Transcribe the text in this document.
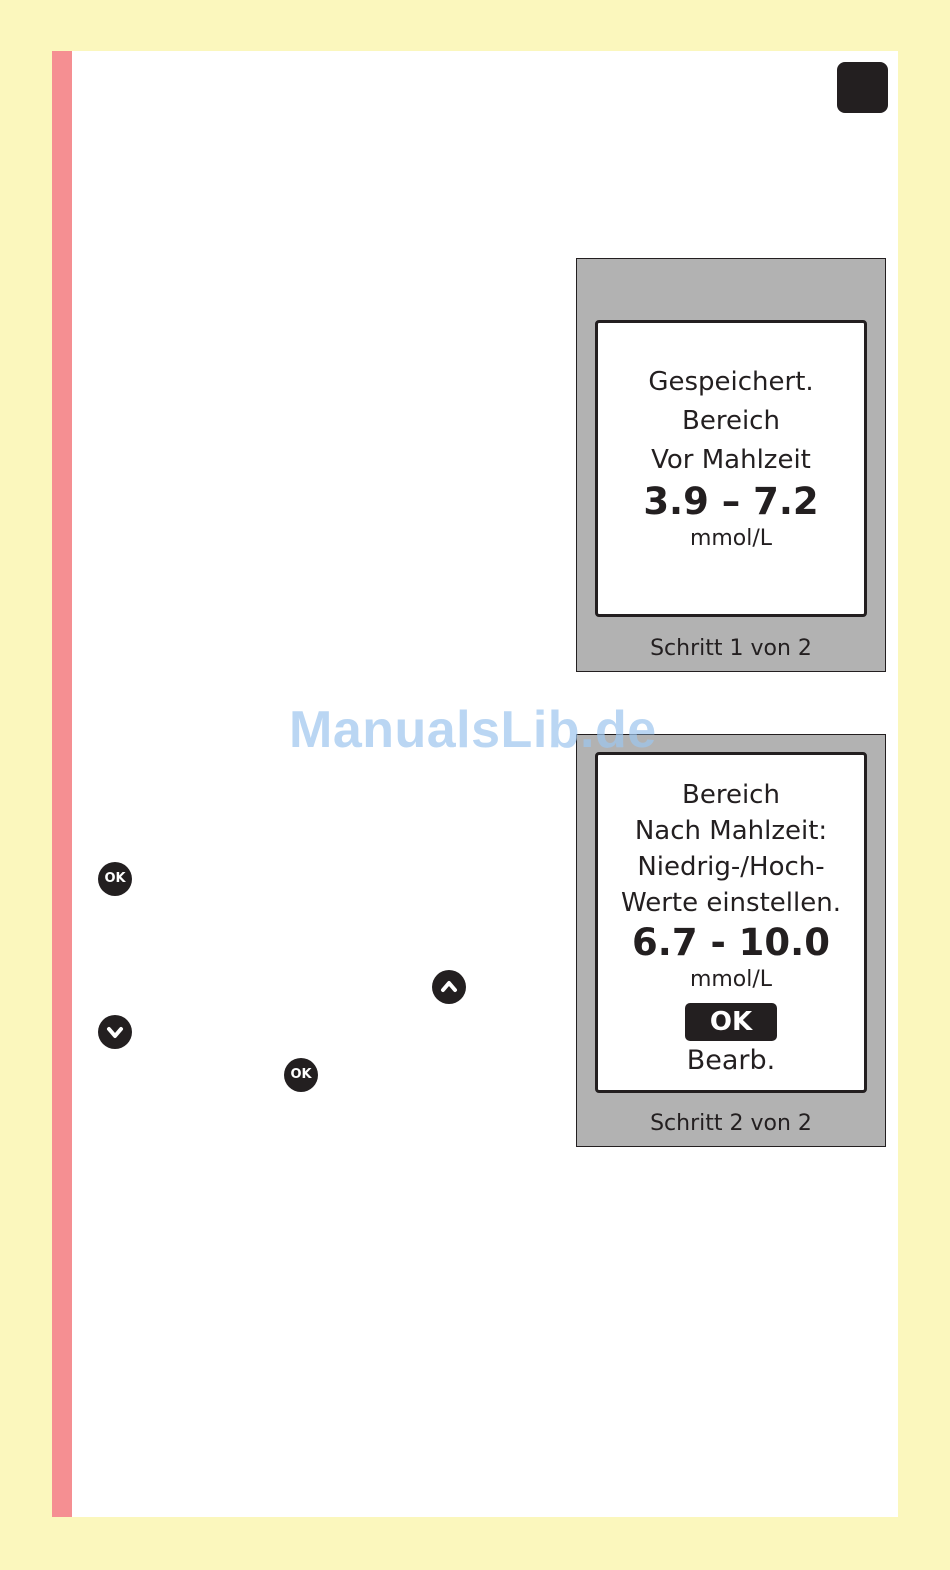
Gespeichert.
Bereich
Vor Mahlzeit
3.9 – 7.2
mmol/L
Schritt 1 von 2
Bereich
Nach Mahlzeit:
Niedrig-/Hoch-
Werte einstellen.
6.7 - 10.0
mmol/L
OK
Bearb.
Schritt 2 von 2
OK
OK
ManualsLib.de
